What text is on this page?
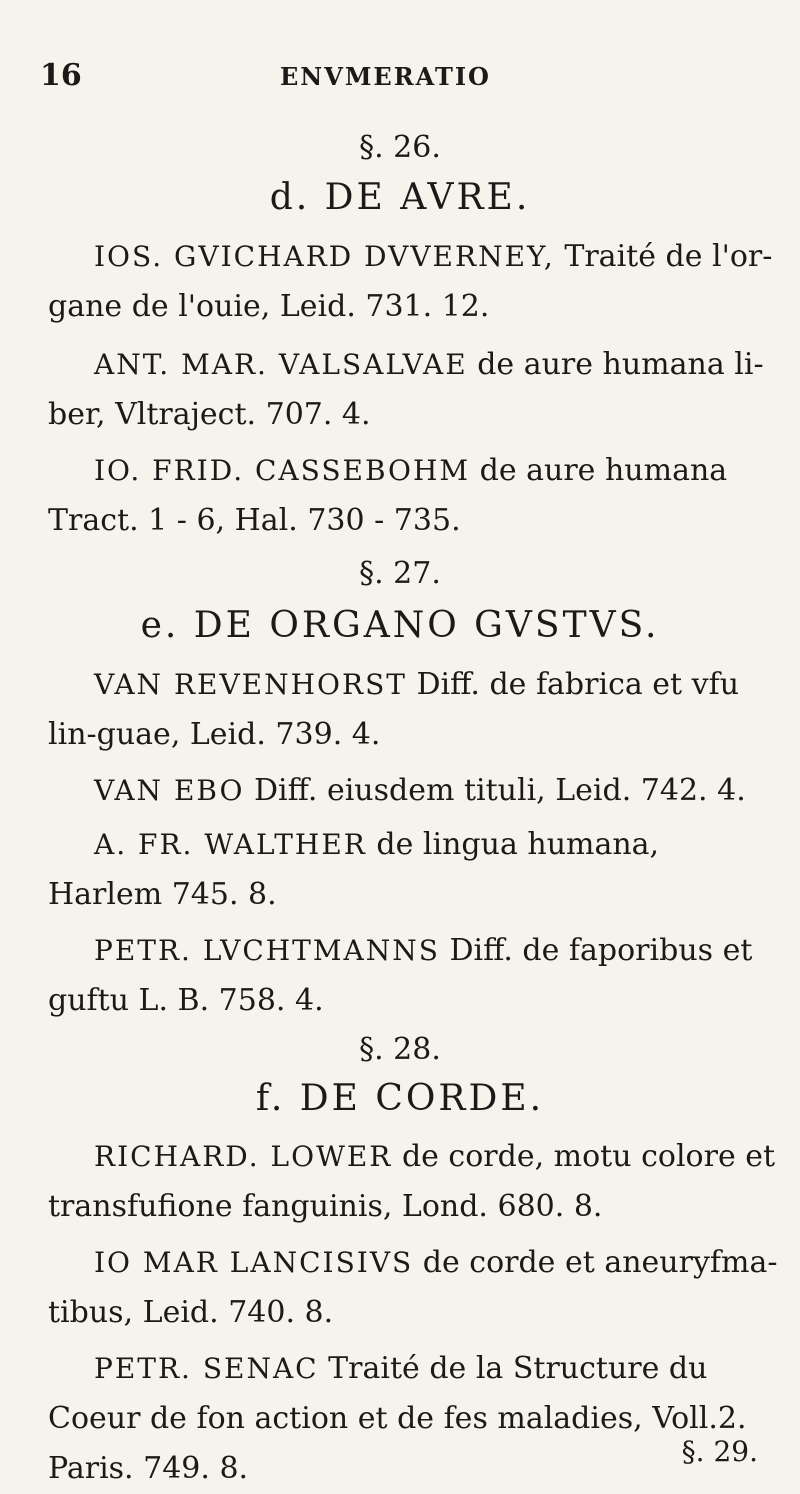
16	ENVMERATIO
§. 26.
d. DE AVRE.
IOS. GVICHARD DVVERNEY, Traité de l'or-gane de l'ouie, Leid. 731. 12.
ANT. MAR. VALSALVAE de aure humana li-ber, Vltraject. 707. 4.
IO. FRID. CASSEBOHM de aure humana Tract. 1 - 6, Hal. 730 - 735.
§. 27.
e. DE ORGANO GVSTVS.
VAN REVENHORST Diff. de fabrica et vfu lin-guae, Leid. 739. 4.
VAN EBO Diff. eiusdem tituli, Leid. 742. 4.
A. FR. WALTHER de lingua humana, Harlem 745. 8.
PETR. LVCHTMANNS Diff. de faporibus et guftu L. B. 758. 4.
§. 28.
f. DE CORDE.
RICHARD. LOWER de corde, motu colore et transfufione fanguinis, Lond. 680. 8.
IO MAR LANCISIVS de corde et aneuryfma-tibus, Leid. 740. 8.
PETR. SENAC Traité de la Structure du Coeur de fon action et de fes maladies, Voll.2. Paris. 749. 8.	§. 29.
